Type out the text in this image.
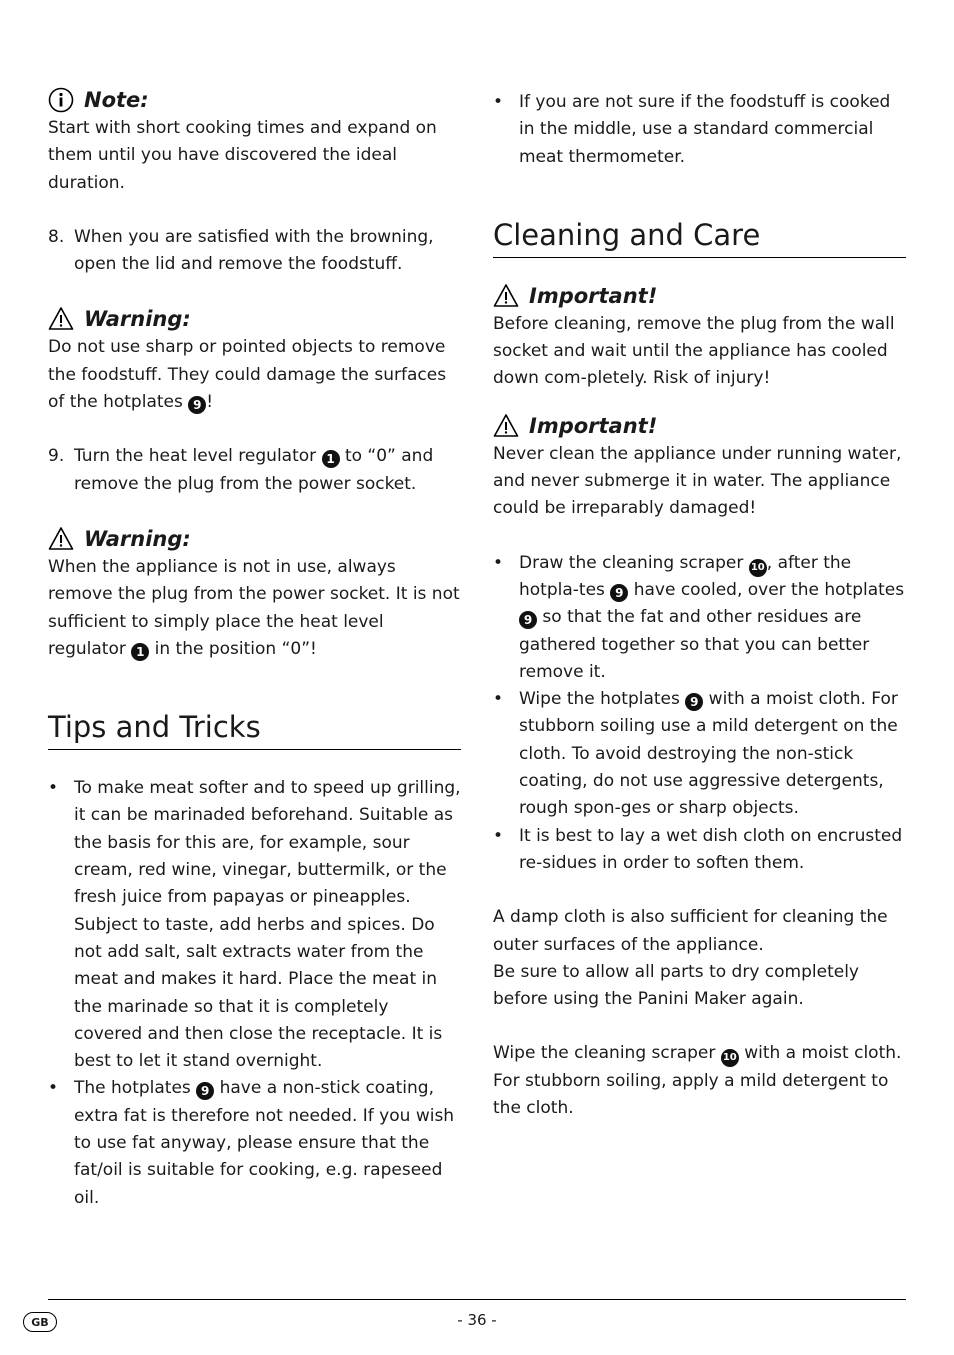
Note:

Start with short cooking times and expand on them until you have discovered the ideal duration.

8. When you are satisfied with the browning, open the lid and remove the foodstuff.
Warning:

Do not use sharp or pointed objects to remove the foodstuff. They could damage the surfaces of the hotplates 9 !

9. Turn the heat level regulator 1 to “0” and remove the plug from the power socket.
Warning:

When the appliance is not in use, always remove the plug from the power socket. It is not sufficient to simply place the heat level regulator 1 in the position “0”!

Tips and Tricks
• To make meat softer and to speed up grilling, it can be marinaded beforehand. Suitable as the basis for this are, for example, sour cream, red wine, vinegar, buttermilk, or the fresh juice from papayas or pineapples. Subject to taste, add herbs and spices. Do not add salt, salt extracts water from the meat and makes it hard. Place the meat in the marinade so that it is completely covered and then close the receptacle. It is best to let it stand overnight.
• The hotplates 9 have a non-stick coating, extra fat is therefore not needed. If you wish to use fat anyway, please ensure that the fat/oil is suitable for cooking, e.g. rapeseed oil.
• If you are not sure if the foodstuff is cooked in the middle, use a standard commercial meat thermometer.
Cleaning and Care
Important!

Before cleaning, remove the plug from the wall socket and wait until the appliance has cooled down com-pletely. Risk of injury!

Important!

Never clean the appliance under running water, and never submerge it in water. The appliance could be irreparably damaged!

• Draw the cleaning scraper 10 , after the hotpla-tes 9 have cooled, over the hotplates 9 so that the fat and other residues are gathered together so that you can better remove it.
• Wipe the hotplates 9 with a moist cloth. For stubborn soiling use a mild detergent on the cloth. To avoid destroying the non-stick coating, do not use aggressive detergents, rough spon-ges or sharp objects.
• It is best to lay a wet dish cloth on encrusted re-sidues in order to soften them.

A damp cloth is also sufficient for cleaning the outer surfaces of the appliance.

Be sure to allow all parts to dry completely before using the Panini Maker again.

Wipe the cleaning scraper 10 with a moist cloth. For stubborn soiling, apply a mild detergent to the cloth.

GB	- 36 -
